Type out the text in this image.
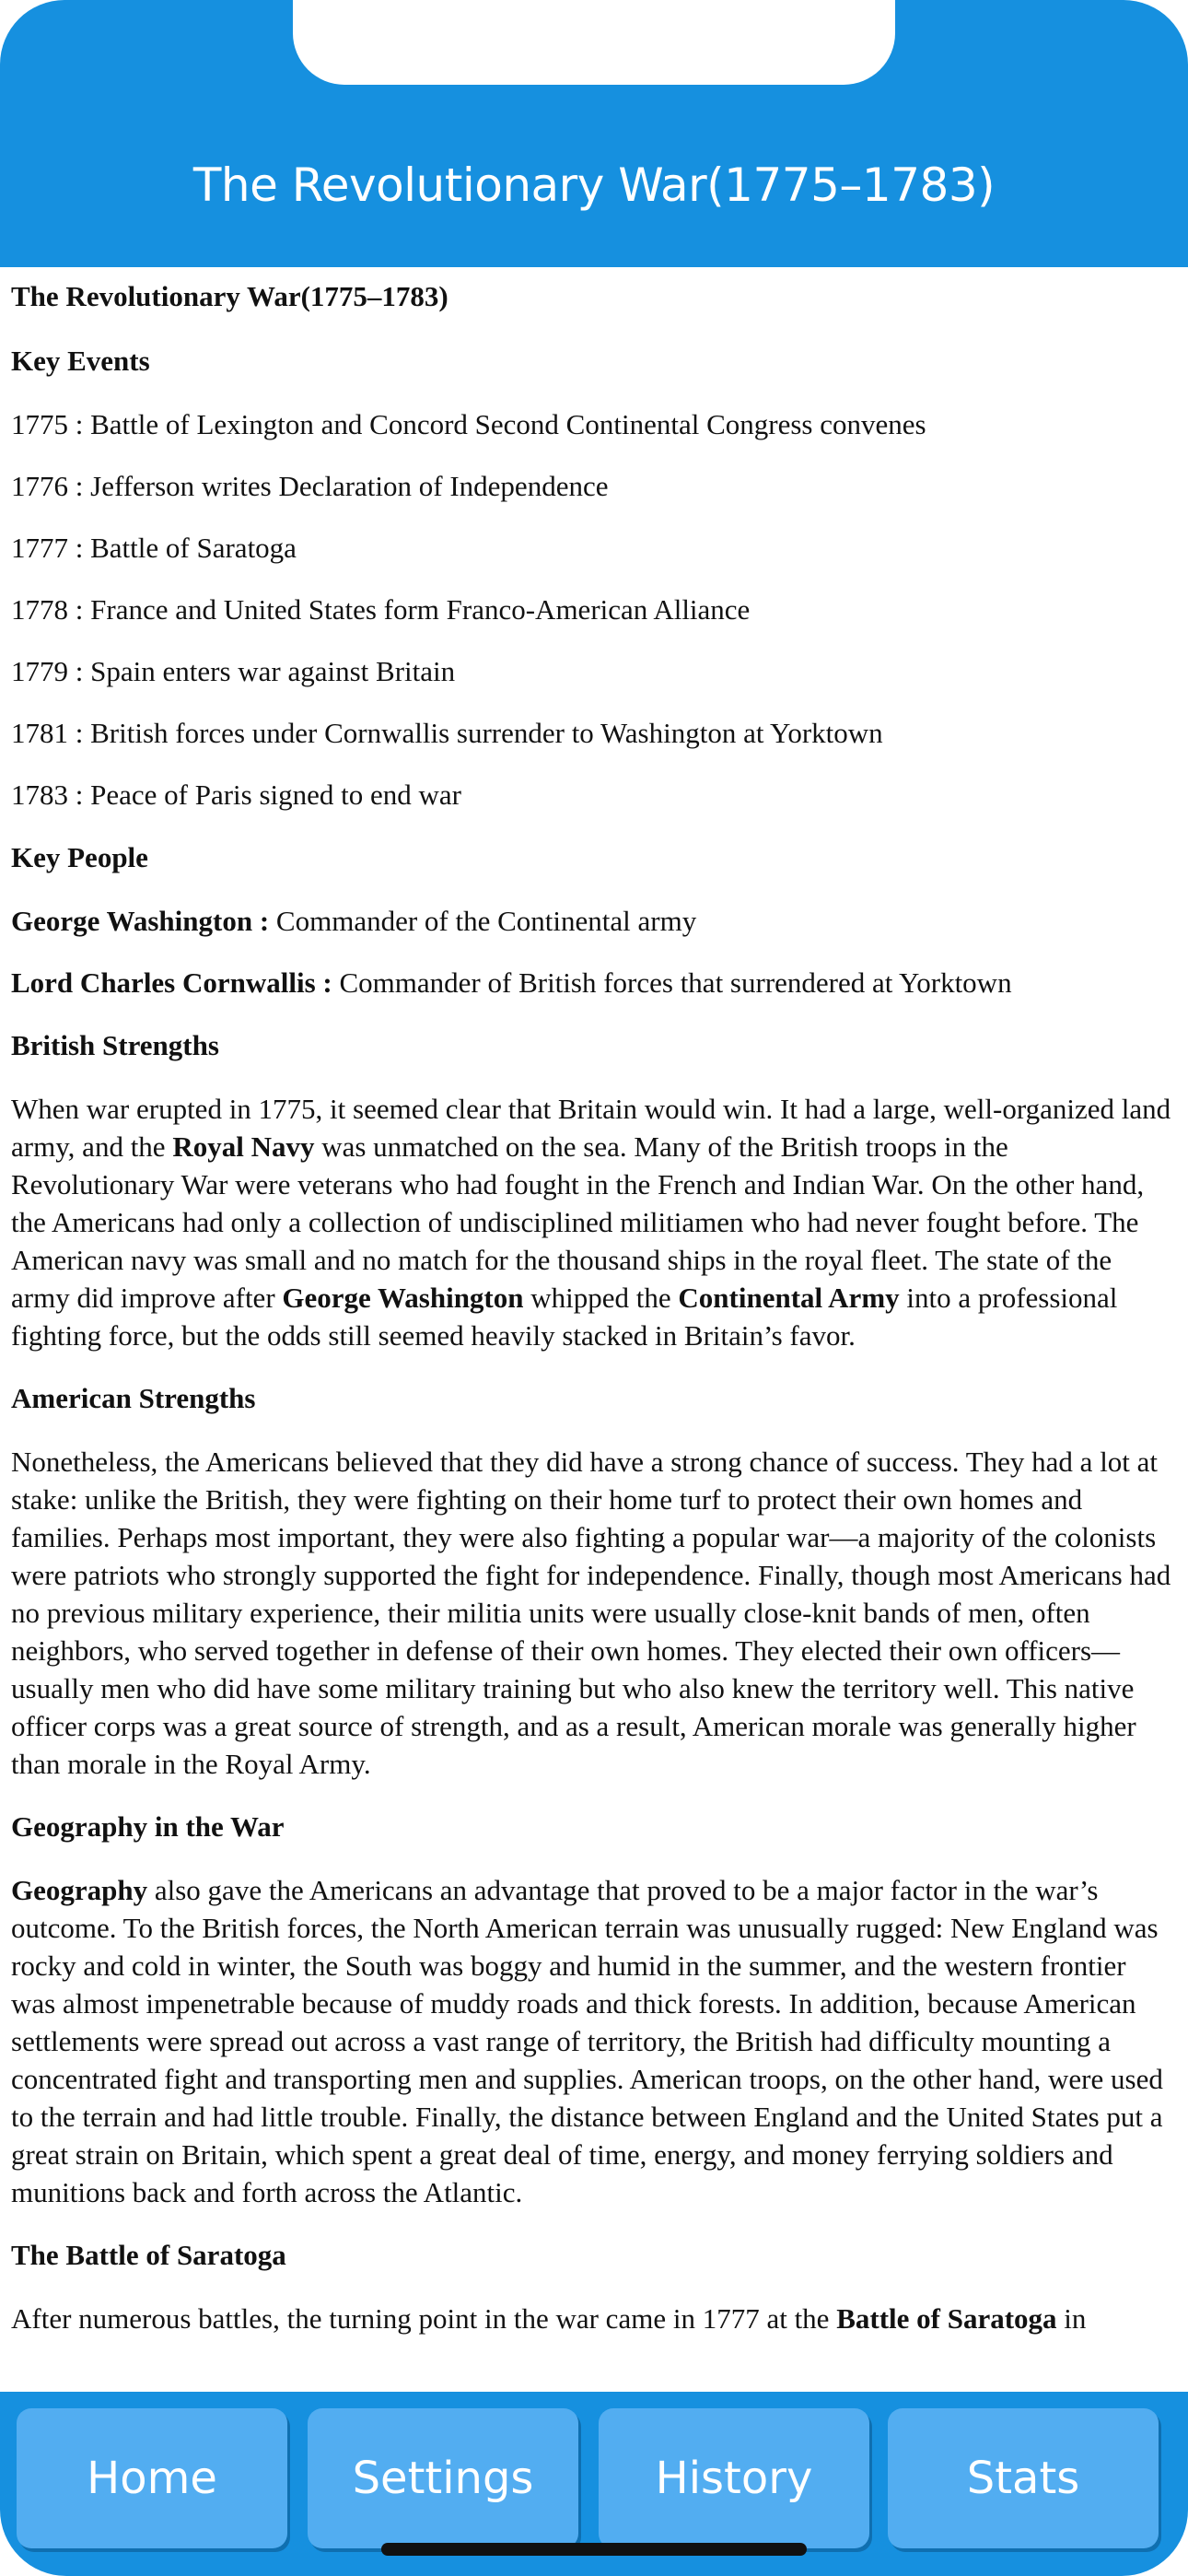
The Revolutionary War(1775–1783)
The Revolutionary War(1775–1783)
Key Events

1775 : Battle of Lexington and Concord Second Continental Congress convenes

1776 : Jefferson writes Declaration of Independence

1777 : Battle of Saratoga

1778 : France and United States form Franco-American Alliance

1779 : Spain enters war against Britain

1781 : British forces under Cornwallis surrender to Washington at Yorktown

1783 : Peace of Paris signed to end war

Key People

George Washington : Commander of the Continental army

Lord Charles Cornwallis : Commander of British forces that surrendered at Yorktown

British Strengths

When war erupted in 1775, it seemed clear that Britain would win. It had a large, well-organized land army, and the Royal Navy was unmatched on the sea. Many of the British troops in the Revolutionary War were veterans who had fought in the French and Indian War. On the other hand, the Americans had only a collection of undisciplined militiamen who had never fought before. The American navy was small and no match for the thousand ships in the royal fleet. The state of the army did improve after George Washington whipped the Continental Army into a professional fighting force, but the odds still seemed heavily stacked in Britain’s favor.

American Strengths

Nonetheless, the Americans believed that they did have a strong chance of success. They had a lot at stake: unlike the British, they were fighting on their home turf to protect their own homes and families. Perhaps most important, they were also fighting a popular war—a majority of the colonists were patriots who strongly supported the fight for independence. Finally, though most Americans had no previous military experience, their militia units were usually close-knit bands of men, often neighbors, who served together in defense of their own homes. They elected their own officers—usually men who did have some military training but who also knew the territory well. This native officer corps was a great source of strength, and as a result, American morale was generally higher than morale in the Royal Army.

Geography in the War

Geography also gave the Americans an advantage that proved to be a major factor in the war’s outcome. To the British forces, the North American terrain was unusually rugged: New England was rocky and cold in winter, the South was boggy and humid in the summer, and the western frontier was almost impenetrable because of muddy roads and thick forests. In addition, because American settlements were spread out across a vast range of territory, the British had difficulty mounting a concentrated fight and transporting men and supplies. American troops, on the other hand, were used to the terrain and had little trouble. Finally, the distance between England and the United States put a great strain on Britain, which spent a great deal of time, energy, and money ferrying soldiers and munitions back and forth across the Atlantic.

The Battle of Saratoga

After numerous battles, the turning point in the war came in 1777 at the Battle of Saratoga in

Home	Settings	History	Stats
